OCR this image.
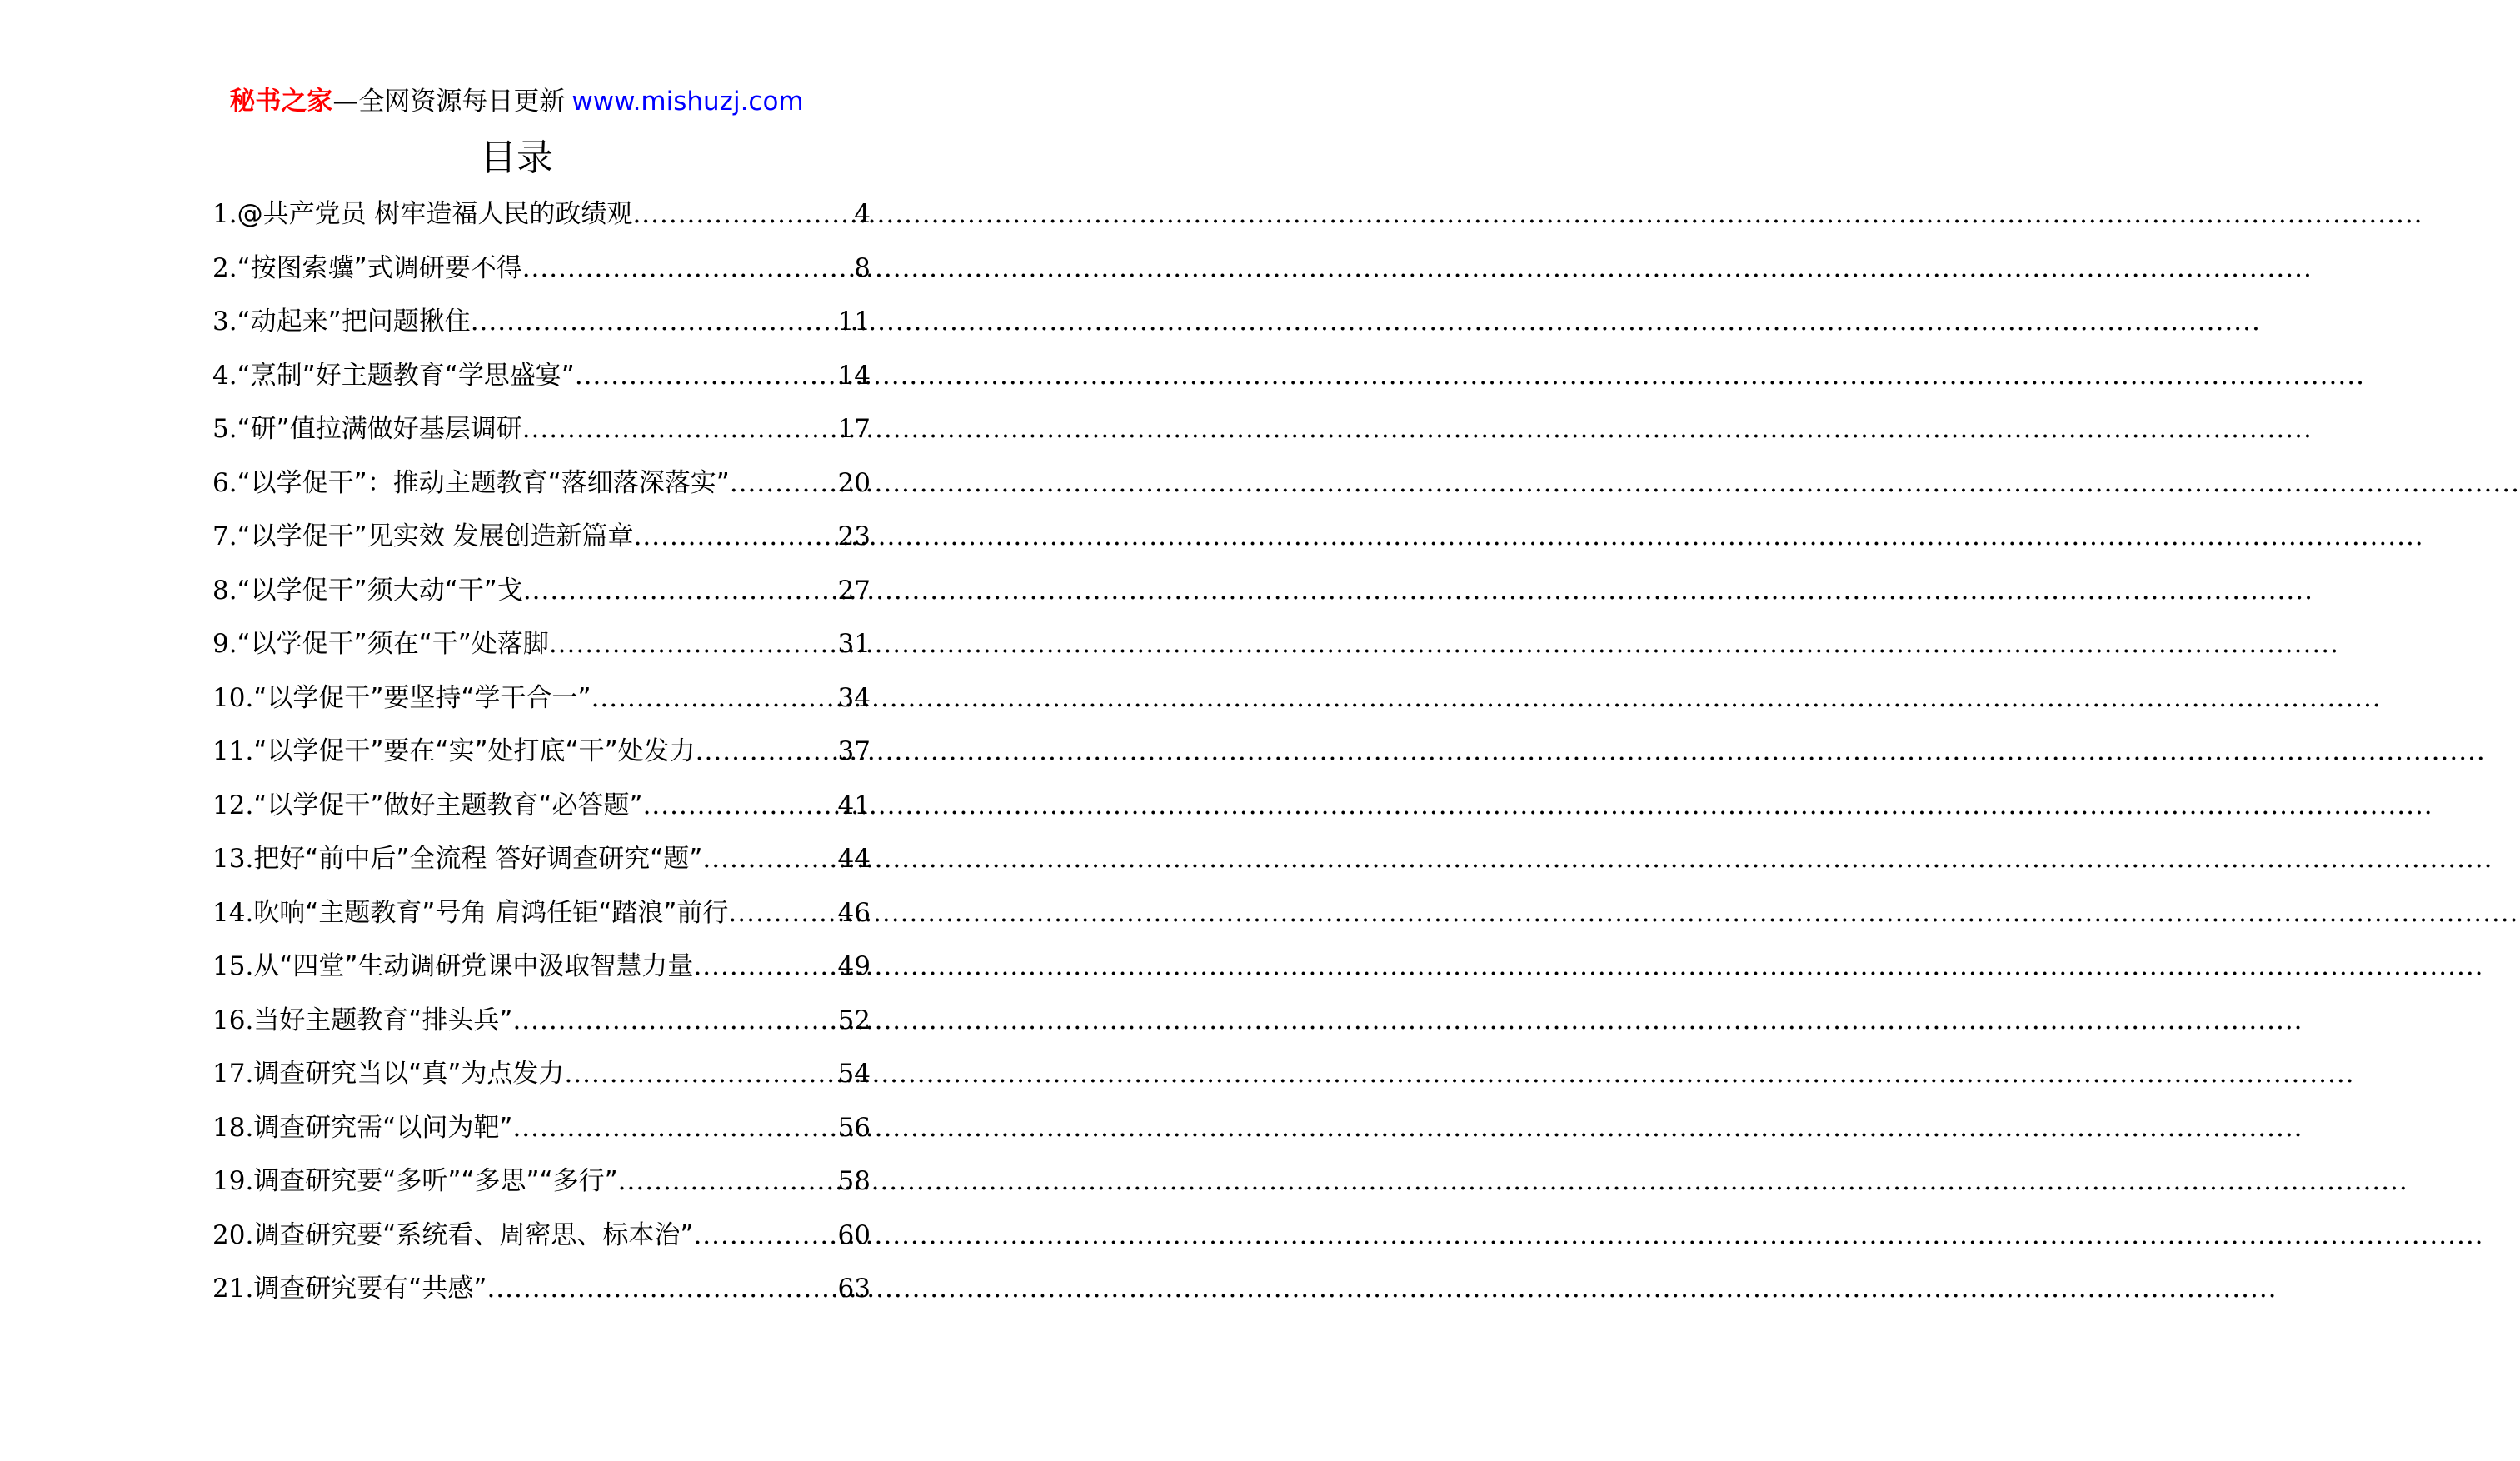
秘书之家—全网资源每日更新 www.mishuzj.com
目录
1. @共产党员 树牢造福人民的政绩观 .....	4
2. “按图索骥”式调研要不得 .....	8
3. “动起来”把问题揪住 .....	11
4. “烹制”好主题教育“学思盛宴” .....	14
5. “研”值拉满做好基层调研 .....	17
6. “以学促干”：推动主题教育“落细落深落实” .....	20
7. “以学促干”见实效 发展创造新篇章 .....	23
8. “以学促干”须大动“干”戈 .....	27
9. “以学促干”须在“干”处落脚 .....	31
10. “以学促干”要坚持“学干合一” .....	34
11. “以学促干”要在“实”处打底“干”处发力 .....	37
12. “以学促干”做好主题教育“必答题” .....	41
13. 把好“前中后”全流程 答好调查研究“题” .....	44
14. 吹响“主题教育”号角 肩鸿任钜“踏浪”前行 .....	46
15. 从“四堂”生动调研党课中汲取智慧力量 .....	49
16. 当好主题教育“排头兵” .....	52
17. 调查研究当以“真”为点发力 .....	54
18. 调查研究需“以问为靶” .....	56
19. 调查研究要“多听”“多思”“多行” .....	58
20. 调查研究要“系统看、周密思、标本治” .....	60
21. 调查研究要有“共感” .....	63
